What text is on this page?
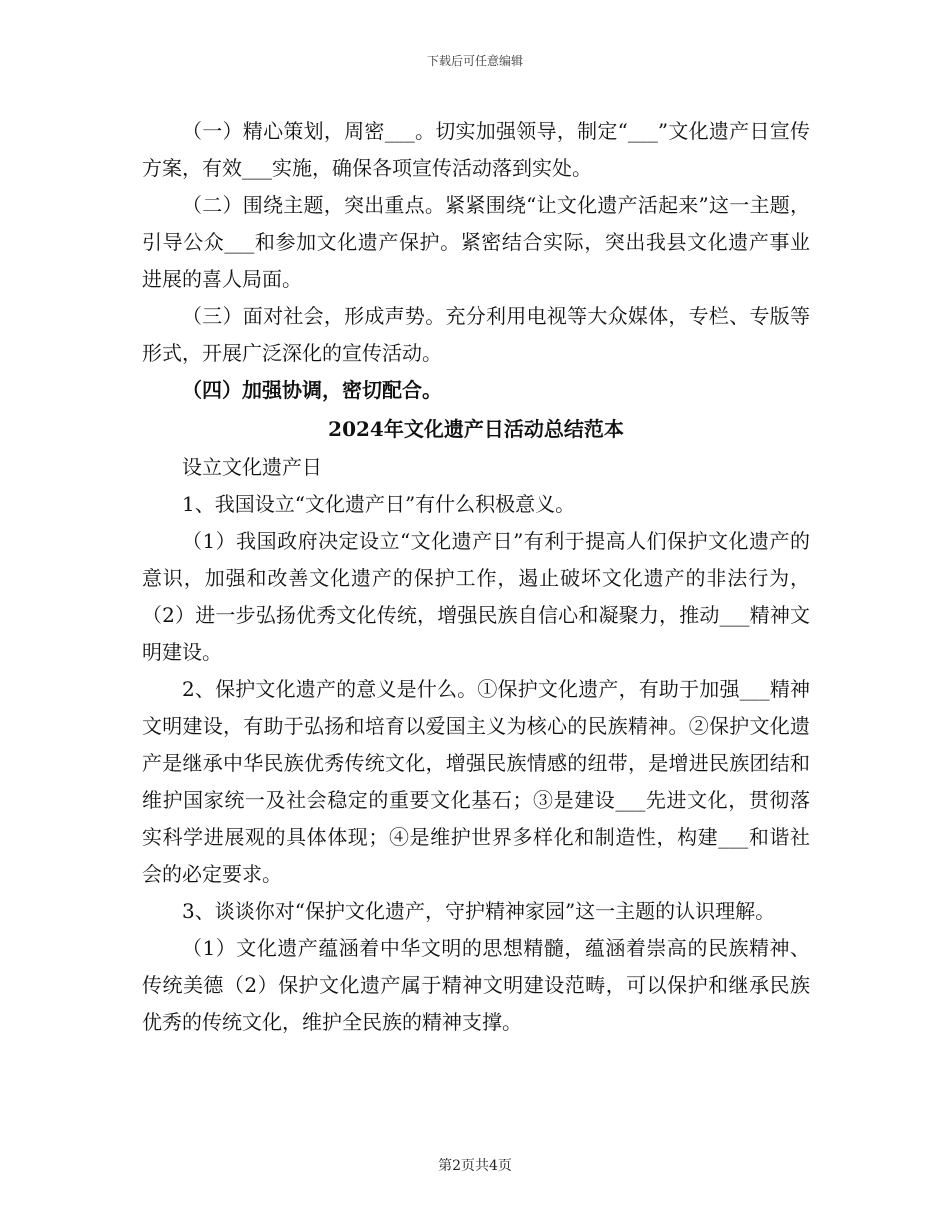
下载后可任意编辑

（一）精心策划，周密___。切实加强领导，制定“___”文化遗产日宣传方案，有效___实施，确保各项宣传活动落到实处。

（二）围绕主题，突出重点。紧紧围绕“让文化遗产活起来”这一主题，引导公众___和参加文化遗产保护。紧密结合实际，突出我县文化遗产事业进展的喜人局面。

（三）面对社会，形成声势。充分利用电视等大众媒体，专栏、专版等形式，开展广泛深化的宣传活动。

（四）加强协调，密切配合。

2024年文化遗产日活动总结范本

设立文化遗产日

1、我国设立“文化遗产日”有什么积极意义。

（1）我国政府决定设立“文化遗产日”有利于提高人们保护文化遗产的意识，加强和改善文化遗产的保护工作，遏止破坏文化遗产的非法行为，（2）进一步弘扬优秀文化传统，增强民族自信心和凝聚力，推动___精神文明建设。

2、保护文化遗产的意义是什么。①保护文化遗产，有助于加强___精神文明建设，有助于弘扬和培育以爱国主义为核心的民族精神。②保护文化遗产是继承中华民族优秀传统文化，增强民族情感的纽带，是增进民族团结和维护国家统一及社会稳定的重要文化基石；③是建设___先进文化，贯彻落实科学进展观的具体体现；④是维护世界多样化和制造性，构建___和谐社会的必定要求。

3、谈谈你对“保护文化遗产，守护精神家园”这一主题的认识理解。

（1）文化遗产蕴涵着中华文明的思想精髓，蕴涵着崇高的民族精神、传统美德（2）保护文化遗产属于精神文明建设范畴，可以保护和继承民族优秀的传统文化，维护全民族的精神支撑。

第2页共4页
